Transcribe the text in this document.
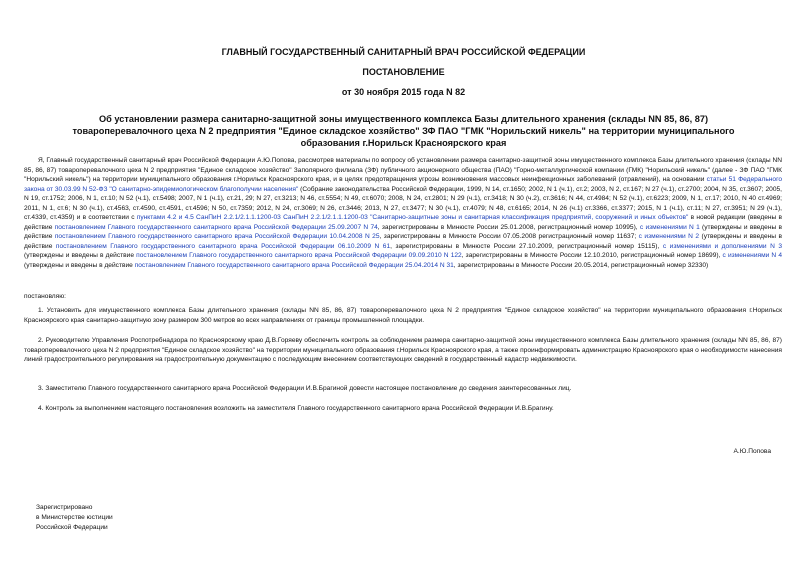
ГЛАВНЫЙ ГОСУДАРСТВЕННЫЙ САНИТАРНЫЙ ВРАЧ РОССИЙСКОЙ ФЕДЕРАЦИИ
ПОСТАНОВЛЕНИЕ
от 30 ноября 2015 года N 82
Об установлении размера санитарно-защитной зоны имущественного комплекса Базы длительного хранения (склады NN 85, 86, 87) товароперевалочного цеха N 2 предприятия "Единое складское хозяйство" ЗФ ПАО "ГМК "Норильский никель" на территории муниципального образования г.Норильск Красноярского края
Я, Главный государственный санитарный врач Российской Федерации А.Ю.Попова, рассмотрев материалы по вопросу об установлении размера санитарно-защитной зоны имущественного комплекса Базы длительного хранения (склады NN 85, 86, 87) товароперевалочного цеха N 2 предприятия "Единое складское хозяйство" Заполярного филиала (ЗФ) публичного акционерного общества (ПАО) "Горно-металлургической компании (ГМК) "Норильский никель" (далее - ЗФ ПАО "ГМК "Норильский никель") на территории муниципального образования г.Норильск Красноярского края, и в целях предотвращения угрозы возникновения массовых неинфекционных заболеваний (отравлений), на основании статьи 51 Федерального закона от 30.03.99 N 52-ФЗ "О санитарно-эпидемиологическом благополучии населения" (Собрание законодательства Российской Федерации, 1999, N 14, ст.1650; 2002, N 1 (ч.1), ст.2; 2003, N 2, ст.167; N 27 (ч.1), ст.2700; 2004, N 35, ст.3607; 2005, N 19, ст.1752; 2006, N 1, ст.10; N 52 (ч.1), ст.5498; 2007, N 1 (ч.1), ст.21, 29; N 27, ст.3213; N 46, ст.5554; N 49, ст.6070; 2008, N 24, ст.2801; N 29 (ч.1), ст.3418; N 30 (ч.2), ст.3616; N 44, ст.4984; N 52 (ч.1), ст.6223; 2009, N 1, ст.17; 2010, N 40 ст.4969; 2011, N 1, ст.6; N 30 (ч.1), ст.4563, ст.4590, ст.4591, ст.4596; N 50, ст.7359; 2012, N 24, ст.3069; N 26, ст.3446; 2013, N 27, ст.3477; N 30 (ч.1), ст.4079; N 48, ст.6165; 2014, N 26 (ч.1) ст.3366, ст.3377; 2015, N 1 (ч.1), ст.11; N 27, ст.3951; N 29 (ч.1), ст.4339, ст.4359) и в соответствии с пунктами 4.2 и 4.5 СанПиН 2.2.1/2.1.1.1200-03 СанПиН 2.2.1/2.1.1.1200-03 "Санитарно-защитные зоны и санитарная классификация предприятий, сооружений и иных объектов" в новой редакции (введены в действие постановлением Главного государственного санитарного врача Российской Федерации 25.09.2007 N 74, зарегистрированы в Минюсте России 25.01.2008, регистрационный номер 10995), с изменениями N 1 (утверждены и введены в действие постановлением Главного государственного санитарного врача Российской Федерации 10.04.2008 N 25, зарегистрированы в Минюсте России 07.05.2008 регистрационный номер 11637; с изменениями N 2 (утверждены и введены в действие постановлением Главного государственного санитарного врача Российской Федерации 06.10.2009 N 61, зарегистрированы в Минюсте России 27.10.2009, регистрационный номер 15115), с изменениями и дополнениями N 3 (утверждены и введены в действие постановлением Главного государственного санитарного врача Российской Федерации 09.09.2010 N 122, зарегистрированы в Минюсте России 12.10.2010, регистрационный номер 18699), с изменениями N 4 (утверждены и введены в действие постановлением Главного государственного санитарного врача Российской Федерации 25.04.2014 N 31, зарегистрированы в Минюсте России 20.05.2014, регистрационный номер 32330)
постановляю:
1. Установить для имущественного комплекса Базы длительного хранения (склады NN 85, 86, 87) товароперевалочного цеха N 2 предприятия "Единое складское хозяйство" на территории муниципального образования г.Норильск Красноярского края санитарно-защитную зону размером 300 метров во всех направлениях от границы промышленной площадки.
2. Руководителю Управления Роспотребнадзора по Красноярскому краю Д.В.Горяеву обеспечить контроль за соблюдением размера санитарно-защитной зоны имущественного комплекса Базы длительного хранения (склады NN 85, 86, 87) товароперевалочного цеха N 2 предприятия "Единое складское хозяйство" на территории муниципального образования г.Норильск Красноярского края, а также проинформировать администрацию Красноярского края о необходимости нанесения линий градостроительного регулирования на градостроительную документацию с последующим внесением соответствующих сведений в государственный кадастр недвижимости.
3. Заместителю Главного государственного санитарного врача Российской Федерации И.В.Брагиной довести настоящее постановление до сведения заинтересованных лиц.
4. Контроль за выполнением настоящего постановления возложить на заместителя Главного государственного санитарного врача Российской Федерации И.В.Брагину.
А.Ю.Попова
Зарегистрировано
в Министерстве юстиции
Российской Федерации
